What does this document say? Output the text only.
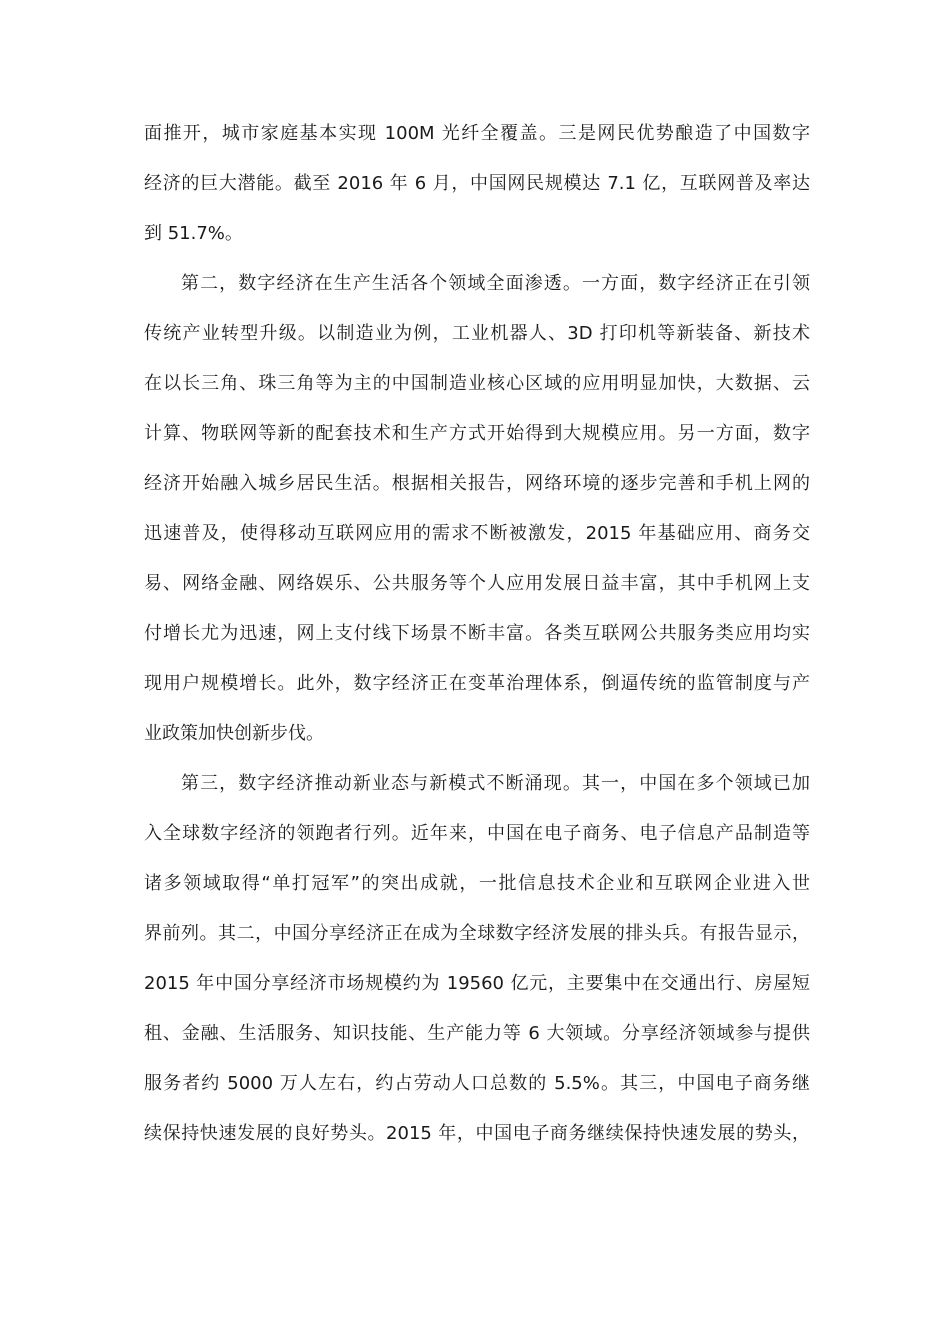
面推开，城市家庭基本实现 100M 光纤全覆盖。三是网民优势酿造了中国数字
经济的巨大潜能。截至 2016 年 6 月，中国网民规模达 7.1 亿，互联网普及率达
到 51.7%。
第二，数字经济在生产生活各个领域全面渗透。一方面，数字经济正在引领
传统产业转型升级。以制造业为例，工业机器人、3D 打印机等新装备、新技术
在以长三角、珠三角等为主的中国制造业核心区域的应用明显加快，大数据、云
计算、物联网等新的配套技术和生产方式开始得到大规模应用。另一方面，数字
经济开始融入城乡居民生活。根据相关报告，网络环境的逐步完善和手机上网的
迅速普及，使得移动互联网应用的需求不断被激发，2015 年基础应用、商务交
易、网络金融、网络娱乐、公共服务等个人应用发展日益丰富，其中手机网上支
付增长尤为迅速，网上支付线下场景不断丰富。各类互联网公共服务类应用均实
现用户规模增长。此外，数字经济正在变革治理体系，倒逼传统的监管制度与产
业政策加快创新步伐。
第三，数字经济推动新业态与新模式不断涌现。其一，中国在多个领域已加
入全球数字经济的领跑者行列。近年来，中国在电子商务、电子信息产品制造等
诸多领域取得“单打冠军”的突出成就，一批信息技术企业和互联网企业进入世
界前列。其二，中国分享经济正在成为全球数字经济发展的排头兵。有报告显示，
2015 年中国分享经济市场规模约为 19560 亿元，主要集中在交通出行、房屋短
租、金融、生活服务、知识技能、生产能力等 6 大领域。分享经济领域参与提供
服务者约 5000 万人左右，约占劳动人口总数的 5.5%。其三，中国电子商务继
续保持快速发展的良好势头。2015 年，中国电子商务继续保持快速发展的势头，
